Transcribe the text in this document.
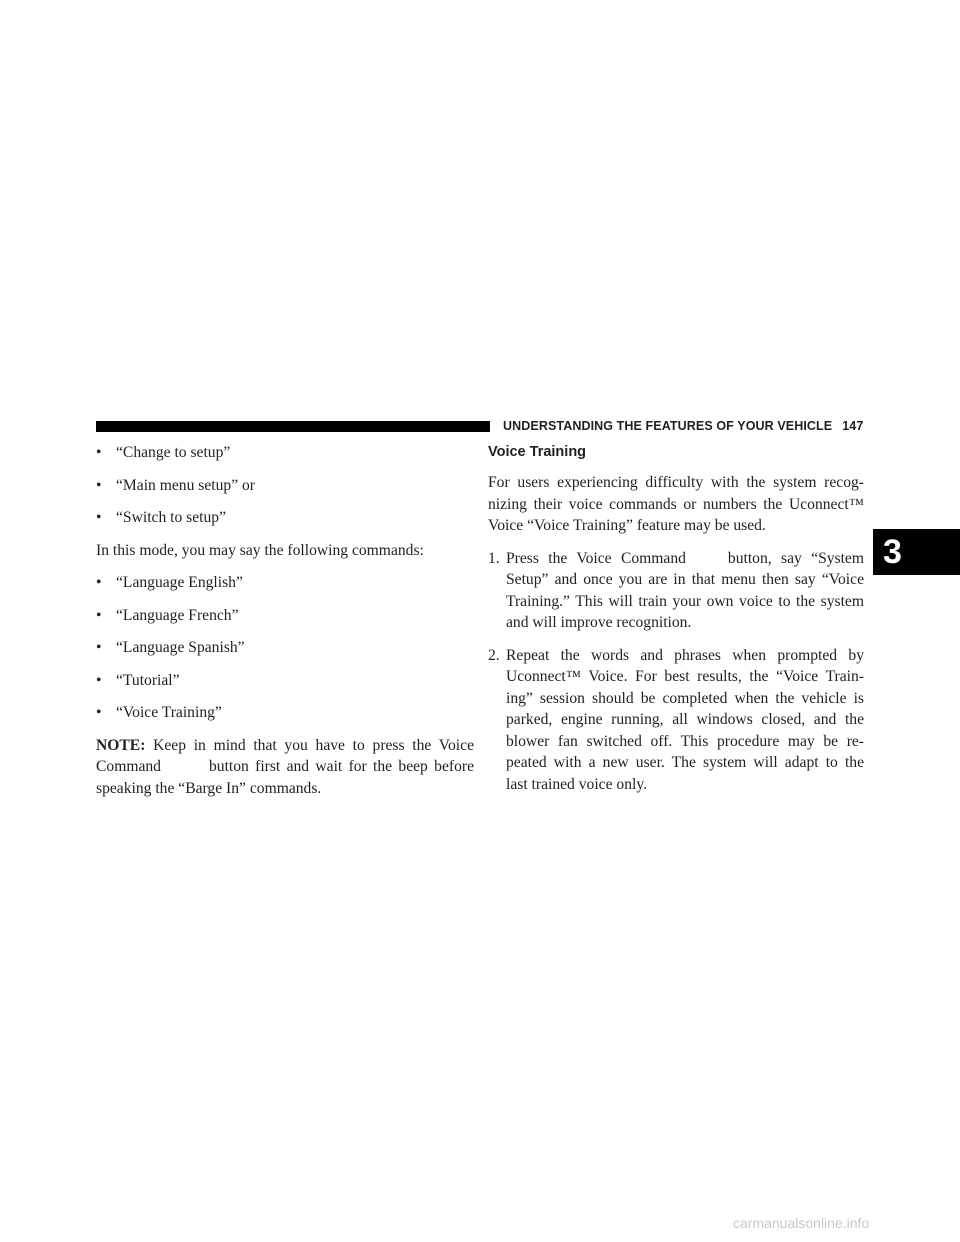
UNDERSTANDING THE FEATURES OF YOUR VEHICLE 147
3
• “Change to setup”
• “Main menu setup” or
• “Switch to setup”
In this mode, you may say the following commands:
• “Language English”
• “Language French”
• “Language Spanish”
• “Tutorial”
• “Voice Training”
NOTE: Keep in mind that you have to press the Voice
Command	button first and wait for the beep before
speaking the “Barge In” commands.
Voice Training
For users experiencing difficulty with the system recog-
nizing their voice commands or numbers the Uconnect™
Voice “Voice Training” feature may be used.
1. Press the Voice Command	button, say “System
Setup” and once you are in that menu then say “Voice
Training.” This will train your own voice to the system
and will improve recognition.
2. Repeat the words and phrases when prompted by
Uconnect™ Voice. For best results, the “Voice Train-
ing” session should be completed when the vehicle is
parked, engine running, all windows closed, and the
blower fan switched off. This procedure may be re-
peated with a new user. The system will adapt to the
last trained voice only.
carmanualsonline.info
